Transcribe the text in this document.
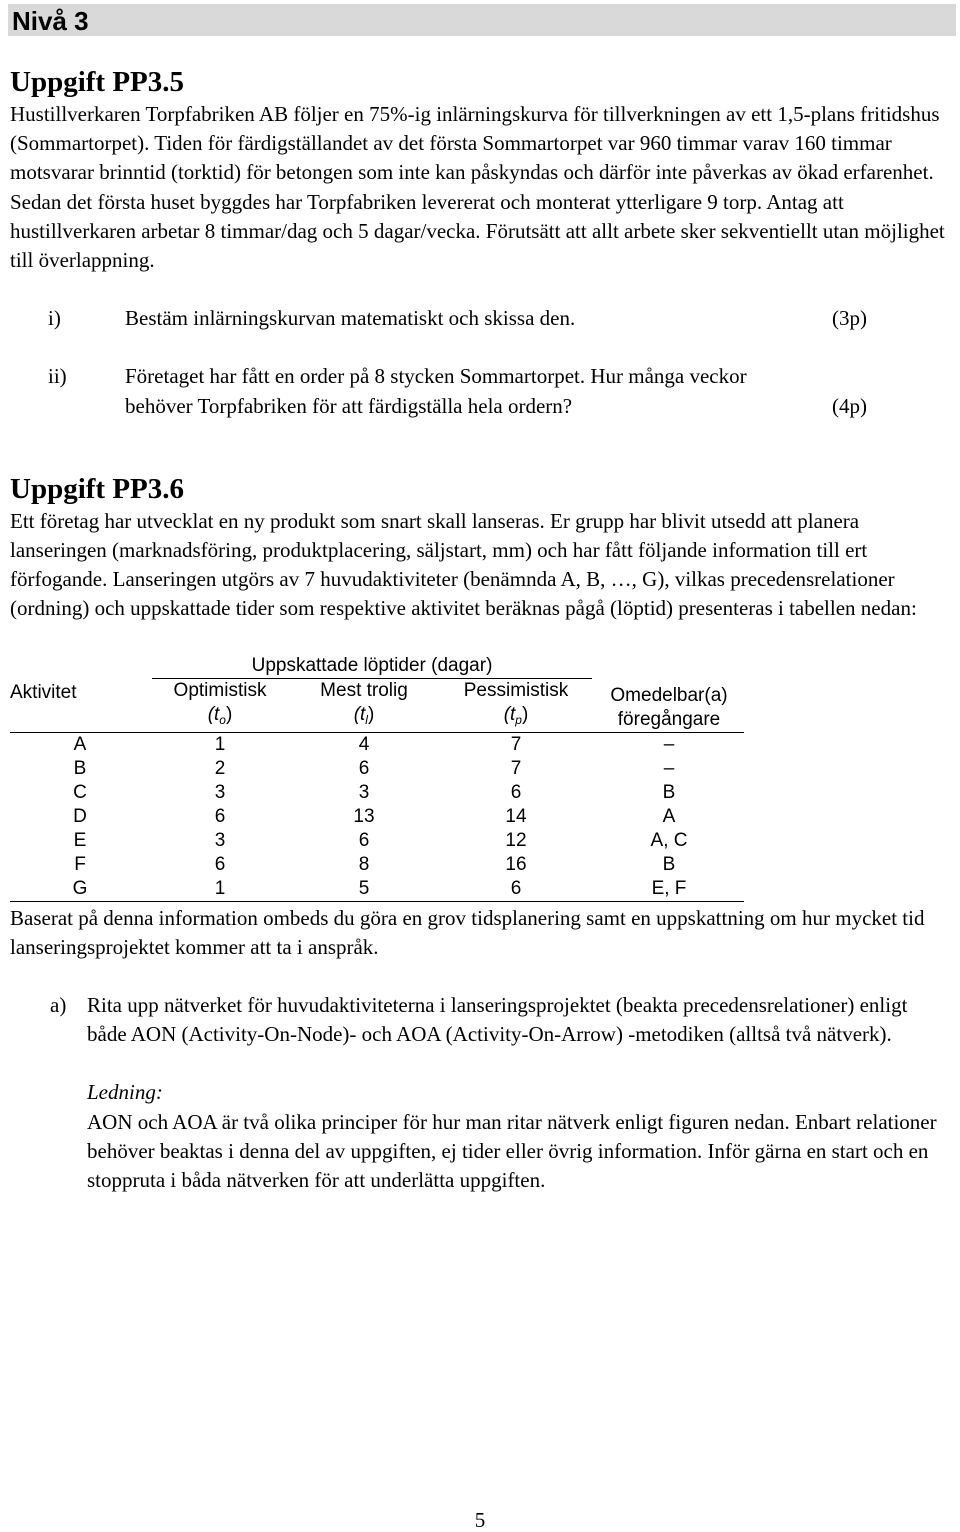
Nivå 3
Uppgift PP3.5

Hustillverkaren Torpfabriken AB följer en 75%-ig inlärningskurva för tillverkningen av ett 1,5-plans fritidshus (Sommartorpet). Tiden för färdigställandet av det första Sommartorpet var 960 timmar varav 160 timmar motsvarar brinntid (torktid) för betongen som inte kan påskyndas och därför inte påverkas av ökad erfarenhet. Sedan det första huset byggdes har Torpfabriken levererat och monterat ytterligare 9 torp. Antag att hustillverkaren arbetar 8 timmar/dag och 5 dagar/vecka. Förutsätt att allt arbete sker sekventiellt utan möjlighet till överlappning.

i)	Bestäm inlärningskurvan matematiskt och skissa den.	(3p)
ii)	Företaget har fått en order på 8 stycken Sommartorpet. Hur många veckor behöver Torpfabriken för att färdigställa hela ordern?	(4p)
Uppgift PP3.6

Ett företag har utvecklat en ny produkt som snart skall lanseras. Er grupp har blivit utsedd att planera lanseringen (marknadsföring, produktplacering, säljstart, mm) och har fått följande information till ert förfogande. Lanseringen utgörs av 7 huvudaktiviteter (benämnda A, B, …, G), vilkas precedensrelationer (ordning) och uppskattade tider som respektive aktivitet beräknas pågå (löptid) presenteras i tabellen nedan:

Aktivitet	Uppskattade löptider (dagar)			Omedelbar(a)
föregångare

	Optimistisk	Mest trolig	Pessimistisk	
	$(t_o)$	$(t_l)$	$(t_p)$	
A	1	4	7	–
B	2	6	7	–
C	3	3	6	B
D	6	13	14	A
E	3	6	12	A, C
F	6	8	16	B
G	1	5	6	E, F

Baserat på denna information ombeds du göra en grov tidsplanering samt en uppskattning om hur mycket tid lanseringsprojektet kommer att ta i anspråk.

a) Rita upp nätverket för huvudaktiviteterna i lanseringsprojektet (beakta precedensrelationer) enligt både AON (Activity-On-Node)- och AOA (Activity-On-Arrow) -metodiken (alltså två nätverk).
Ledning:
AON och AOA är två olika principer för hur man ritar nätverk enligt figuren nedan. Enbart relationer behöver beaktas i denna del av uppgiften, ej tider eller övrig information. Inför gärna en start och en stoppruta i båda nätverken för att underlätta uppgiften.
5
